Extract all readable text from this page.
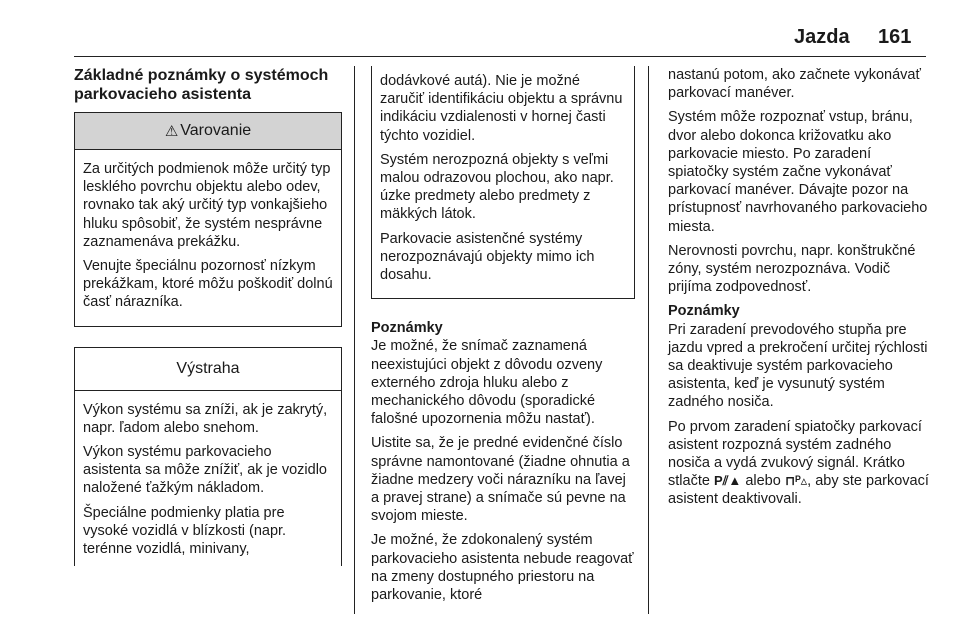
Jazda 161
Základné poznámky o systémoch parkovacieho asistenta
⚠ Varovanie

Za určitých podmienok môže určitý typ lesklého povrchu objektu alebo odev, rovnako tak aký určitý typ vonkajšieho hluku spôsobiť, že systém nesprávne zaznamenáva prekážku.

Venujte špeciálnu pozornosť nízkym prekážkam, ktoré môžu poškodiť dolnú časť nárazníka.

Výstraha

Výkon systému sa zníži, ak je zakrytý, napr. ľadom alebo snehom.

Výkon systému parkovacieho asistenta sa môže znížiť, ak je vozidlo naložené ťažkým nákladom.

Špeciálne podmienky platia pre vysoké vozidlá v blízkosti (napr. terénne vozidlá, minivany,

dodávkové autá). Nie je možné zaručiť identifikáciu objektu a správnu indikáciu vzdialenosti v hornej časti týchto vozidiel.

Systém nerozpozná objekty s veľmi malou odrazovou plochou, ako napr. úzke predmety alebo predmety z mäkkých látok.

Parkovacie asistenčné systémy nerozpoznávajú objekty mimo ich dosahu.

Poznámky

Je možné, že snímač zaznamená neexistujúci objekt z dôvodu ozveny externého zdroja hluku alebo z mechanického dôvodu (sporadické falošné upozornenia môžu nastať).

Uistite sa, že je predné evidenčné číslo správne namontované (žiadne ohnutia a žiadne medzery voči nárazníku na ľavej a pravej strane) a snímače sú pevne na svojom mieste.

Je možné, že zdokonalený systém parkovacieho asistenta nebude reagovať na zmeny dostupného priestoru na parkovanie, ktoré

nastanú potom, ako začnete vykonávať parkovací manéver.

Systém môže rozpoznať vstup, bránu, dvor alebo dokonca križovatku ako parkovacie miesto. Po zaradení spiatočky systém začne vykonávať parkovací manéver. Dávajte pozor na prístupnosť navrhovaného parkovacieho miesta.

Nerovnosti povrchu, napr. konštrukčné zóny, systém nerozpoznáva. Vodič prijíma zodpovednosť.

Poznámky

Pri zaradení prevodového stupňa pre jazdu vpred a prekročení určitej rýchlosti sa deaktivuje systém parkovacieho asistenta, keď je vysunutý systém zadného nosiča.

Po prvom zaradení spiatočky parkovací asistent rozpozná systém zadného nosiča a vydá zvukový signál. Krátko stlačte P⫽▲ alebo ⊓ᴾ▵, aby ste parkovací asistent deaktivovali.
